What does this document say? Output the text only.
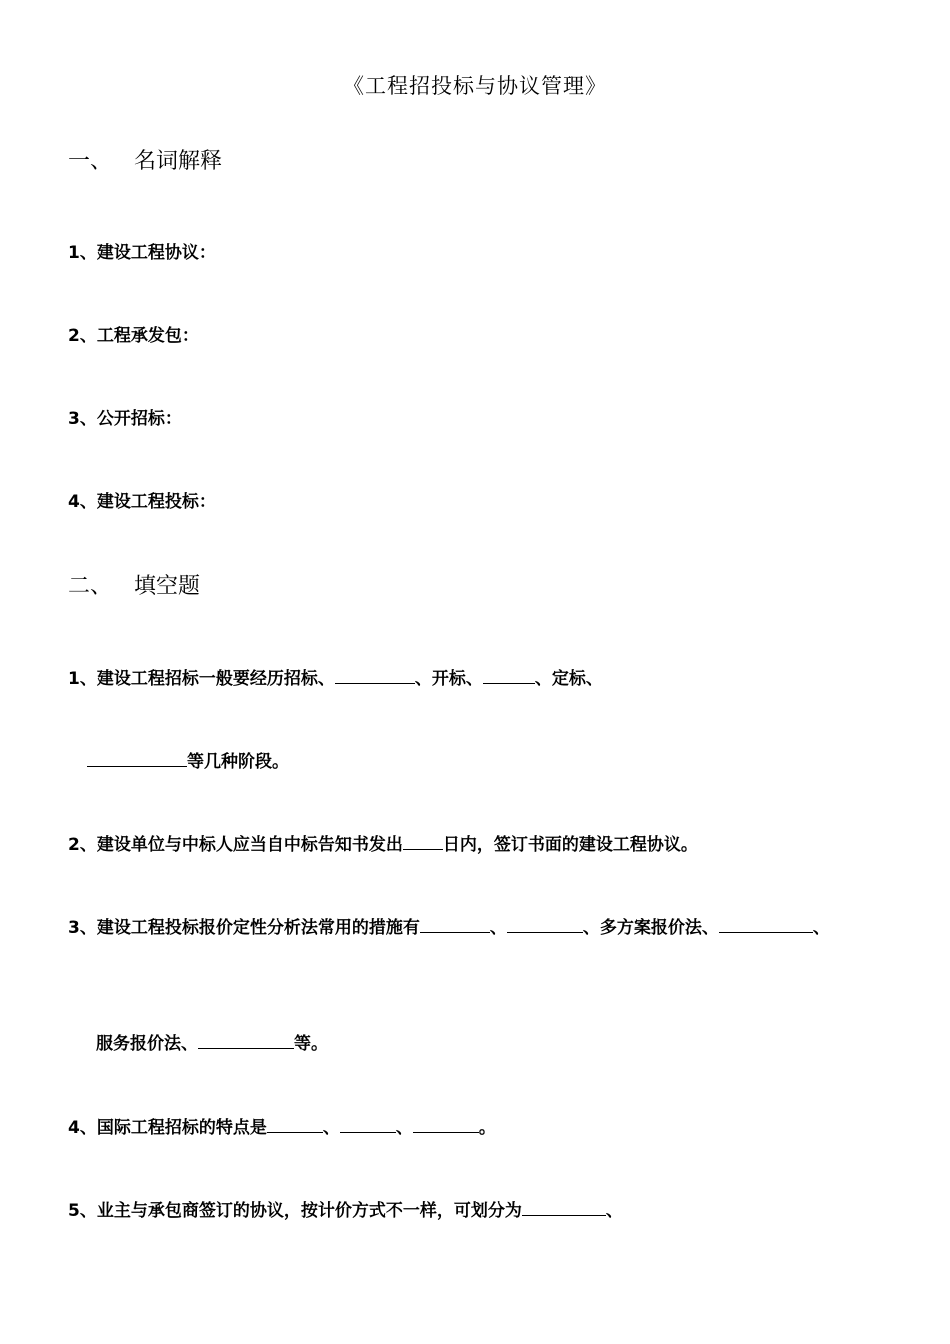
《工程招投标与协议管理》
一、 名词解释
1、建设工程协议：
2、工程承发包：
3、公开招标：
4、建设工程投标：
二、 填空题
1、建设工程招标一般要经历招标、	、开标、	、定标、
等几种阶段。
2、建设单位与中标人应当自中标告知书发出 日内，签订书面的建设工程协议。
3、建设工程投标报价定性分析法常用的措施有	、	、多方案报价法、	、
服务报价法、	等。
4、国际工程招标的特点是	、	、	。
5、业主与承包商签订的协议，按计价方式不一样，可划分为	、
